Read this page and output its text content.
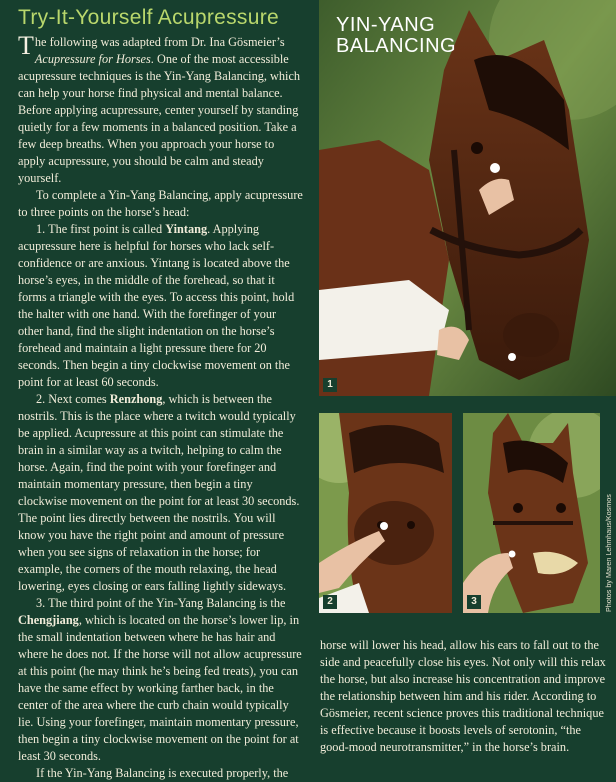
Try-It-Yourself Acupressure

The following was adapted from Dr. Ina Gösmeier’s Acupressure for Horses. One of the most accessible acupressure techniques is the Yin-Yang Balancing, which can help your horse find physical and mental balance. Before applying acupressure, center yourself by standing quietly for a few moments in a balanced position. Take a few deep breaths. When you approach your horse to apply acupressure, you should be calm and steady yourself.

To complete a Yin-Yang Balancing, apply acupressure to three points on the horse’s head:

1. The first point is called Yintang. Applying acupressure here is helpful for horses who lack self-confidence or are anxious. Yintang is located above the horse’s eyes, in the middle of the forehead, so that it forms a triangle with the eyes. To access this point, hold the halter with one hand. With the forefinger of your other hand, find the slight indentation on the horse’s forehead and maintain a light pressure there for 20 seconds. Then begin a tiny clockwise movement on the point for at least 60 seconds.

2. Next comes Renzhong, which is between the nostrils. This is the place where a twitch would typically be applied. Acupressure at this point can stimulate the brain in a similar way as a twitch, helping to calm the horse. Again, find the point with your forefinger and maintain momentary pressure, then begin a tiny clockwise movement on the point for at least 30 seconds. The point lies directly between the nostrils. You will know you have the right point and amount of pressure when you see signs of relaxation in the horse; for example, the corners of the mouth relaxing, the head lowering, eyes closing or ears falling lightly sideways.

3. The third point of the Yin-Yang Balancing is the Chengjiang, which is located on the horse’s lower lip, in the small indentation between where he has hair and where he does not. If the horse will not allow acupressure at this point (he may think he’s being fed treats), you can have the same effect by working farther back, in the center of the area where the curb chain would typically lie. Using your forefinger, maintain momentary pressure, then begin a tiny clockwise movement on the point for at least 30 seconds.

If the Yin-Yang Balancing is executed properly, the

horse will lower his head, allow his ears to fall out to the side and peacefully close his eyes. Not only will this relax the horse, but also increase his concentration and improve the relationship between him and his rider. According to Gösmeier, recent science proves this traditional technique is effective because it boosts levels of serotonin, “the good-mood neurotransmitter,” in the horse’s brain.

1
YIN-YANG
BALANCING
2	3	Photos by Maren Lehmhaus/Kosmos
